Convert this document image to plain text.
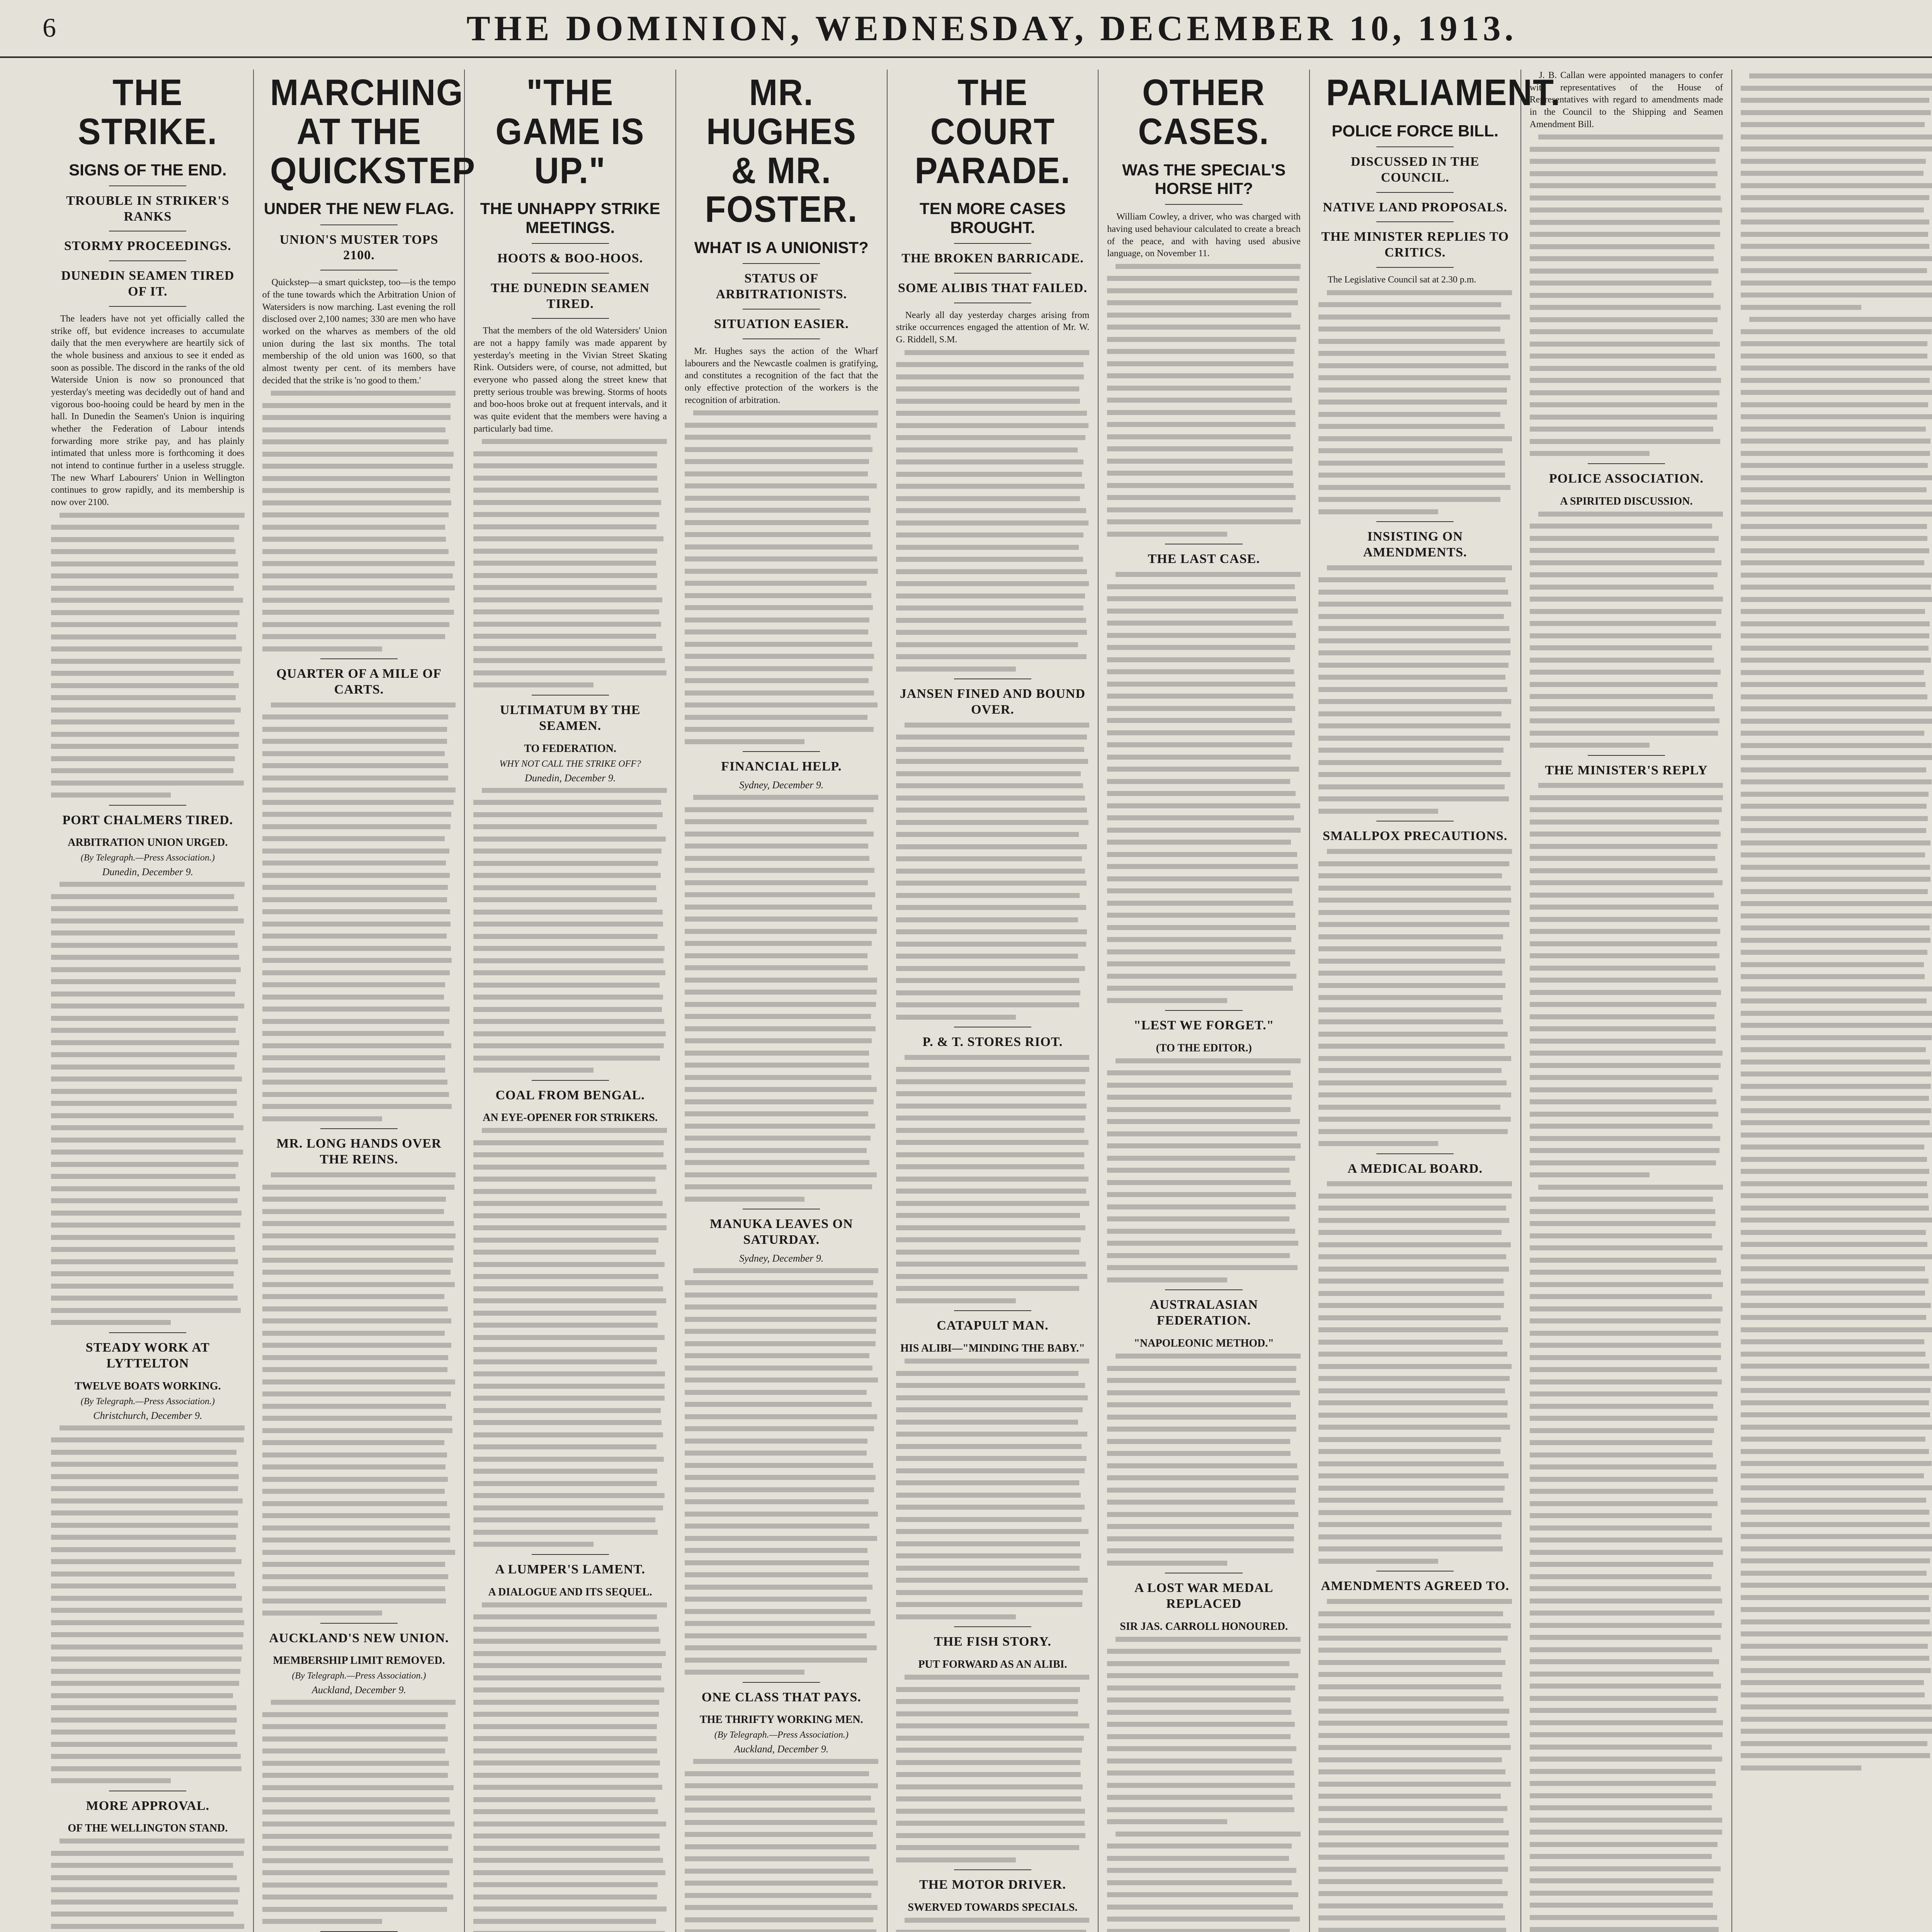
6	THE DOMINION, WEDNESDAY, DECEMBER 10, 1913.
THE STRIKE.
SIGNS OF THE END.
TROUBLE IN STRIKER'S RANKS
STORMY PROCEEDINGS.
DUNEDIN SEAMEN TIRED OF IT.

The leaders have not yet officially called the strike off, but evidence increases to accumulate daily that the men everywhere are heartily sick of the whole business and anxious to see it ended as soon as possible. The discord in the ranks of the old Waterside Union is now so pronounced that yesterday's meeting was decidedly out of hand and vigorous boo-hooing could be heard by men in the hall. In Dunedin the Seamen's Union is inquiring whether the Federation of Labour intends forwarding more strike pay, and has plainly intimated that unless more is forthcoming it does not intend to continue further in a useless struggle. The new Wharf Labourers' Union in Wellington continues to grow rapidly, and its membership is now over 2100.

PORT CHALMERS TIRED.
ARBITRATION UNION URGED.
(By Telegraph.—Press Association.)
Dunedin, December 9.
STEADY WORK AT LYTTELTON
TWELVE BOATS WORKING.
(By Telegraph.—Press Association.)
Christchurch, December 9.
MORE APPROVAL.
OF THE WELLINGTON STAND.
MARCHING AT THE QUICKSTEP
UNDER THE NEW FLAG.
UNION'S MUSTER TOPS 2100.

Quickstep—a smart quickstep, too—is the tempo of the tune towards which the Arbitration Union of Watersiders is now marching. Last evening the roll disclosed over 2,100 names; 330 are men who have worked on the wharves as members of the old union during the last six months. The total membership of the old union was 1600, so that almost twenty per cent. of its members have decided that the strike is 'no good to them.'

QUARTER OF A MILE OF CARTS.
MR. LONG HANDS OVER THE REINS.
AUCKLAND'S NEW UNION.
MEMBERSHIP LIMIT REMOVED.
(By Telegraph.—Press Association.)
Auckland, December 9.
"THE GAME IS UP."
THE UNHAPPY STRIKE MEETINGS.
HOOTS & BOO-HOOS.
THE DUNEDIN SEAMEN TIRED.

That the members of the old Watersiders' Union are not a happy family was made apparent by yesterday's meeting in the Vivian Street Skating Rink. Outsiders were, of course, not admitted, but everyone who passed along the street knew that pretty serious trouble was brewing. Storms of hoots and boo-hoos broke out at frequent intervals, and it was quite evident that the members were having a particularly bad time.

ULTIMATUM BY THE SEAMEN.
TO FEDERATION.
WHY NOT CALL THE STRIKE OFF?
Dunedin, December 9.
COAL FROM BENGAL.
AN EYE-OPENER FOR STRIKERS.
A LUMPER'S LAMENT.
A DIALOGUE AND ITS SEQUEL.
MR. HUGHES & MR. FOSTER.
WHAT IS A UNIONIST?
STATUS OF ARBITRATIONISTS.
SITUATION EASIER.

Mr. Hughes says the action of the Wharf labourers and the Newcastle coalmen is gratifying, and constitutes a recognition of the fact that the only effective protection of the workers is the recognition of arbitration.

FINANCIAL HELP.
Sydney, December 9.
MANUKA LEAVES ON SATURDAY.
Sydney, December 9.
ONE CLASS THAT PAYS.
THE THRIFTY WORKING MEN.
(By Telegraph.—Press Association.)
Auckland, December 9.
THE COURT PARADE.
TEN MORE CASES BROUGHT.
THE BROKEN BARRICADE.
SOME ALIBIS THAT FAILED.

Nearly all day yesterday charges arising from strike occurrences engaged the attention of Mr. W. G. Riddell, S.M.

JANSEN FINED AND BOUND OVER.
P. & T. STORES RIOT.
CATAPULT MAN.
HIS ALIBI—"MINDING THE BABY."
THE FISH STORY.
PUT FORWARD AS AN ALIBI.
THE MOTOR DRIVER.
SWERVED TOWARDS SPECIALS.
OTHER CASES.
WAS THE SPECIAL'S HORSE HIT?

William Cowley, a driver, who was charged with having used behaviour calculated to create a breach of the peace, and with having used abusive language, on November 11.

THE LAST CASE.
"LEST WE FORGET."
(TO THE EDITOR.)
AUSTRALASIAN FEDERATION.
"NAPOLEONIC METHOD."
A LOST WAR MEDAL REPLACED
SIR JAS. CARROLL HONOURED.
PARLIAMENT.
POLICE FORCE BILL.
DISCUSSED IN THE COUNCIL.
NATIVE LAND PROPOSALS.
THE MINISTER REPLIES TO CRITICS.

The Legislative Council sat at 2.30 p.m.

INSISTING ON AMENDMENTS.
SMALLPOX PRECAUTIONS.
A MEDICAL BOARD.
AMENDMENTS AGREED TO.

J. B. Callan were appointed managers to confer with representatives of the House of Representatives with regard to amendments made in the Council to the Shipping and Seamen Amendment Bill.

POLICE ASSOCIATION.
A SPIRITED DISCUSSION.
THE MINISTER'S REPLY
